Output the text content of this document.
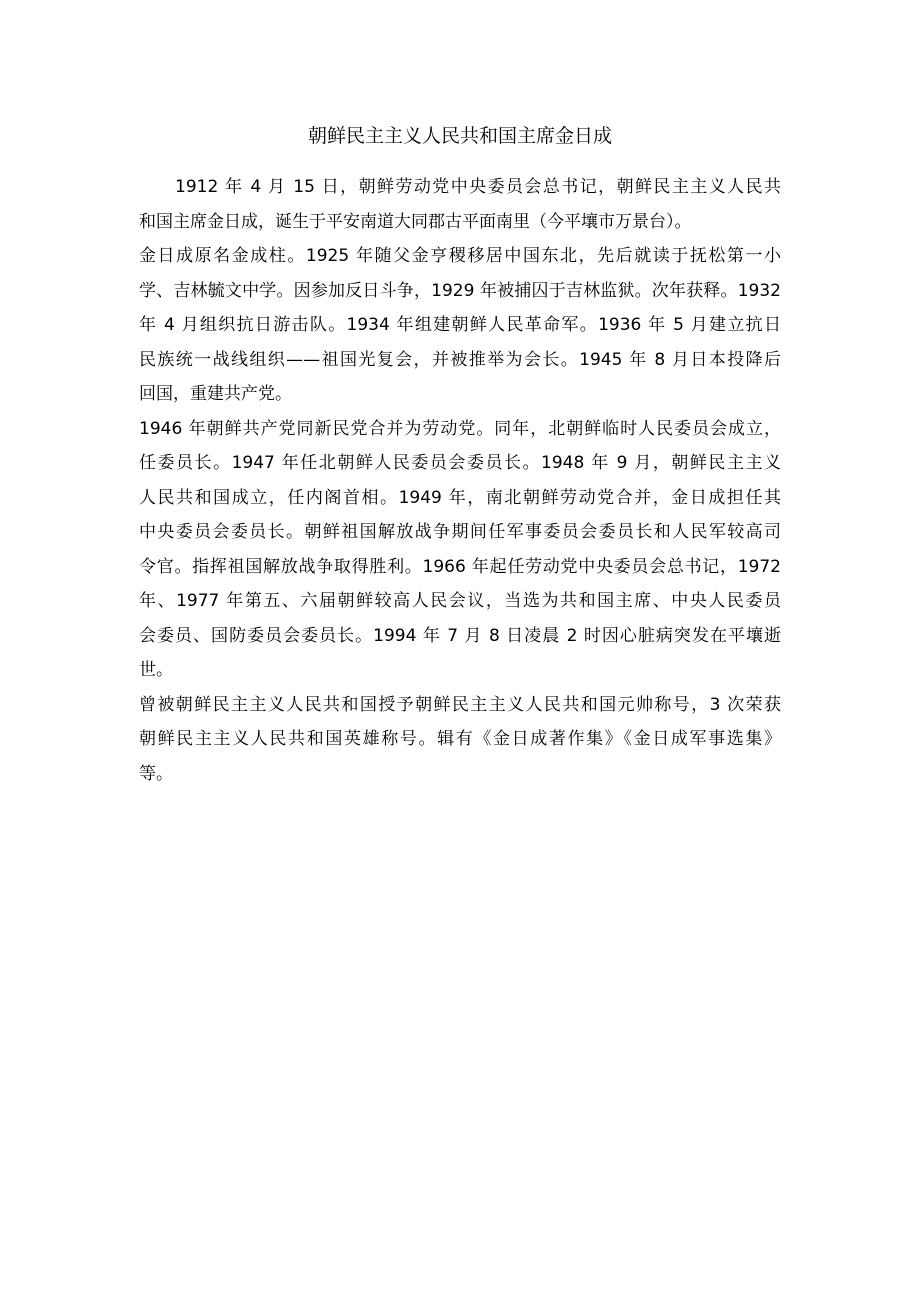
朝鲜民主主义人民共和国主席金日成
1912 年 4 月 15 日，朝鲜劳动党中央委员会总书记，朝鲜民主主义人民共
和国主席金日成，诞生于平安南道大同郡古平面南里（今平壤市万景台）。
金日成原名金成柱。1925 年随父金亨稷移居中国东北，先后就读于抚松第一小
学、吉林毓文中学。因参加反日斗争，1929 年被捕囚于吉林监狱。次年获释。1932
年 4 月组织抗日游击队。1934 年组建朝鲜人民革命军。1936 年 5 月建立抗日
民族统一战线组织——祖国光复会，并被推举为会长。1945 年 8 月日本投降后
回国，重建共产党。
1946 年朝鲜共产党同新民党合并为劳动党。同年，北朝鲜临时人民委员会成立，
任委员长。1947 年任北朝鲜人民委员会委员长。1948 年 9 月，朝鲜民主主义
人民共和国成立，任内阁首相。1949 年，南北朝鲜劳动党合并，金日成担任其
中央委员会委员长。朝鲜祖国解放战争期间任军事委员会委员长和人民军较高司
令官。指挥祖国解放战争取得胜利。1966 年起任劳动党中央委员会总书记，1972
年、1977 年第五、六届朝鲜较高人民会议，当选为共和国主席、中央人民委员
会委员、国防委员会委员长。1994 年 7 月 8 日凌晨 2 时因心脏病突发在平壤逝
世。
曾被朝鲜民主主义人民共和国授予朝鲜民主主义人民共和国元帅称号，3 次荣获
朝鲜民主主义人民共和国英雄称号。辑有《金日成著作集》《金日成军事选集》
等。
